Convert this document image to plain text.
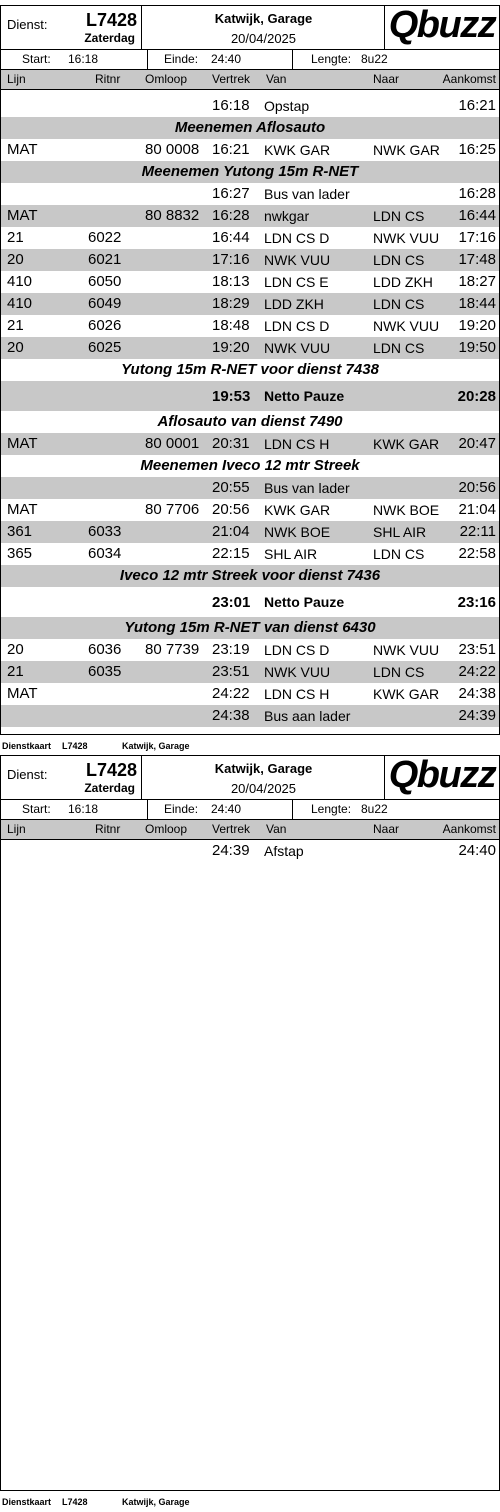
Dienst: L7428
Zaterdag
Katwijk, Garage
20/04/2025	Qbuzz
Start: 16:18	Einde: 24:40	Lengte: 8u22
Lijn	Ritnr Omloop Vertrek Van	Naar	Aankomst
16:18 Opstap	16:21
Meenemen Aflosauto
MAT	80 0008 16:21 KWK GAR	NWK GAR 16:25
Meenemen Yutong 15m R-NET
16:27 Bus van lader	16:28
MAT	80 8832 16:28 nwkgar	LDN CS 16:44
21	6022	16:44 LDN CS D	NWK VUU 17:16
20	6021	17:16 NWK VUU	LDN CS 17:48
410	6050	18:13 LDN CS E	LDD ZKH 18:27
410	6049	18:29 LDD ZKH	LDN CS 18:44
21	6026	18:48 LDN CS D	NWK VUU 19:20
20	6025	19:20 NWK VUU	LDN CS 19:50
Yutong 15m R-NET voor dienst 7438
19:53 Netto Pauze	20:28
Aflosauto van dienst 7490
MAT	80 0001 20:31 LDN CS H	KWK GAR 20:47
Meenemen Iveco 12 mtr Streek
20:55 Bus van lader	20:56
MAT	80 7706 20:56 KWK GAR	NWK BOE 21:04
361	6033	21:04 NWK BOE	SHL AIR 22:11
365	6034	22:15 SHL AIR	LDN CS 22:58
Iveco 12 mtr Streek voor dienst 7436
23:01 Netto Pauze	23:16
Yutong 15m R-NET van dienst 6430
20	6036 80 7739 23:19 LDN CS D	NWK VUU 23:51
21	6035	23:51 NWK VUU	LDN CS 24:22
MAT	24:22 LDN CS H	KWK GAR 24:38
24:38 Bus aan lader	24:39
Dienstkaart L7428	Katwijk, Garage
Dienst: L7428
Zaterdag
Katwijk, Garage
20/04/2025	Qbuzz
Start: 16:18	Einde: 24:40	Lengte: 8u22
Lijn	Ritnr Omloop Vertrek Van	Naar	Aankomst
24:39 Afstap	24:40
Dienstkaart L7428	Katwijk, Garage
